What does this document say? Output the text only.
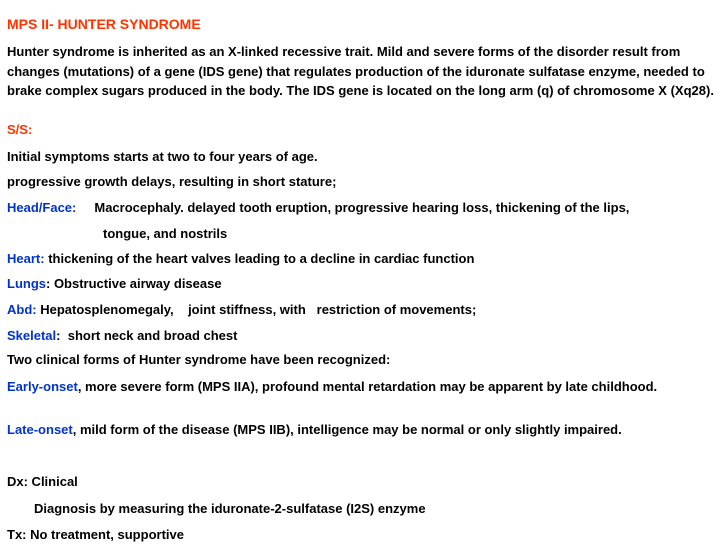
MPS II- HUNTER SYNDROME
Hunter syndrome is inherited as an X-linked recessive trait. Mild and severe forms of the disorder result from changes (mutations) of a gene (IDS gene) that regulates production of the iduronate sulfatase enzyme, needed to brake complex sugars produced in the body. The IDS gene is located on the long arm (q) of chromosome X (Xq28).
S/S:
Initial symptoms starts at two to four years of age.
progressive growth delays, resulting in short stature;
Head/Face: Macrocephaly. delayed tooth eruption, progressive hearing loss, thickening of the lips,
tongue, and nostrils
Heart: thickening of the heart valves leading to a decline in cardiac function
Lungs: Obstructive airway disease
Abd: Hepatosplenomegaly,    joint stiffness, with   restriction of movements;
Skeletal:  short neck and broad chest
Two clinical forms of Hunter syndrome have been recognized:
Early-onset, more severe form (MPS IIA), profound mental retardation may be apparent by late childhood.
Late-onset, mild form of the disease (MPS IIB), intelligence may be normal or only slightly impaired.
Dx: Clinical
Diagnosis by measuring the iduronate-2-sulfatase (I2S) enzyme
Tx: No treatment, supportive
